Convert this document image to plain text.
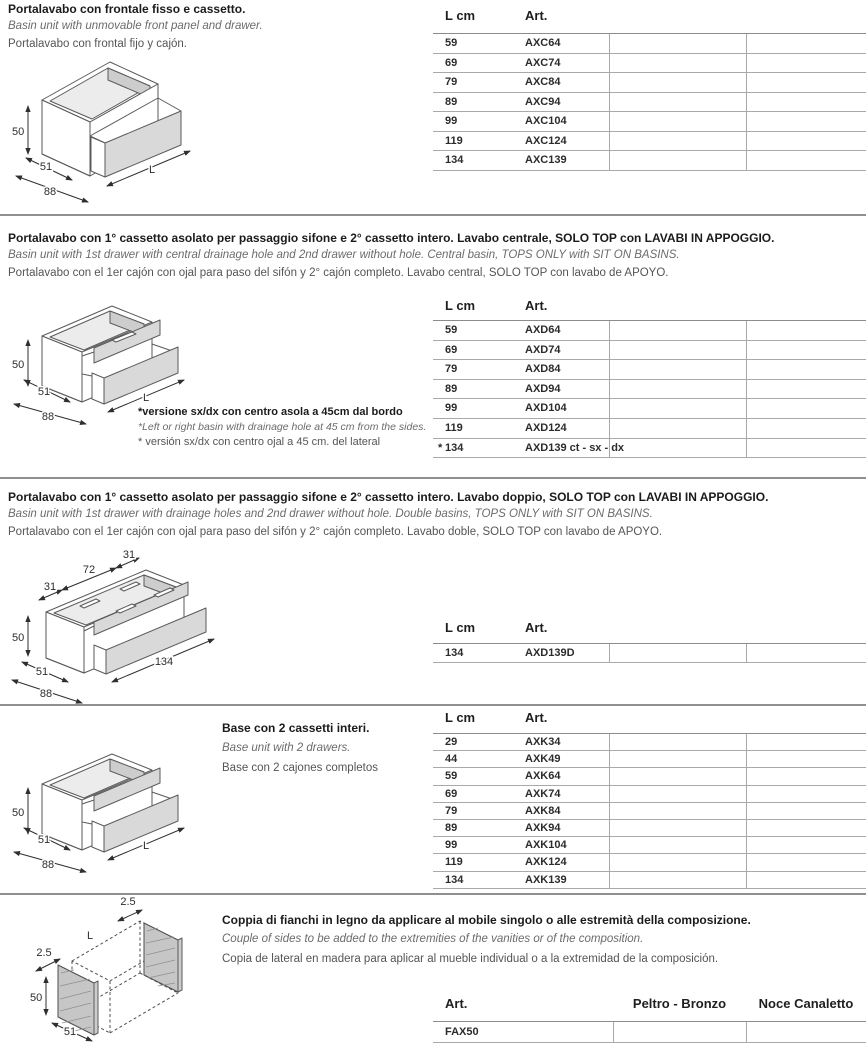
Portalavabo con frontale fisso e cassetto.
Basin unit with unmovable front panel and drawer.
Portalavabo con frontal fijo y cajón.
50
51
88
L
L cm	Art.
59	AXC64
69	AXC74
79	AXC84
89	AXC94
99	AXC104
119	AXC124
134	AXC139
Portalavabo con 1° cassetto asolato per passaggio sifone e 2° cassetto intero. Lavabo centrale, SOLO TOP con LAVABI IN APPOGGIO.
Basin unit with 1st drawer with central drainage hole and 2nd drawer without hole. Central basin, TOPS ONLY with SIT ON BASINS.
Portalavabo con el 1er cajón con ojal para paso del sifón y 2° cajón completo. Lavabo central, SOLO TOP con lavabo de APOYO.
50
51
88
L
*versione sx/dx con centro asola a 45cm dal bordo
*Left or right basin with drainage hole at 45 cm from the sides.
* versión sx/dx con centro ojal a 45 cm. del lateral
L cm	Art.
59	AXD64
69	AXD74
79	AXD84
89	AXD94
99	AXD104
119	AXD124
* 134	AXD139 ct - sx - dx
Portalavabo con 1° cassetto asolato per passaggio sifone e 2° cassetto intero. Lavabo doppio, SOLO TOP con LAVABI IN APPOGGIO.
Basin unit with 1st drawer with drainage holes and 2nd drawer without hole. Double basins, TOPS ONLY with SIT ON BASINS.
Portalavabo con el 1er cajón con ojal para paso del sifón y 2° cajón completo. Lavabo doble, SOLO TOP con lavabo de APOYO.
31
72
31
50
51
88
134
L cm	Art.
134	AXD139D
Base con 2 cassetti interi.
Base unit with 2 drawers.
Base con 2 cajones completos
50
51
88
L
L cm	Art.
29	AXK34
44	AXK49
59	AXK64
69	AXK74
79	AXK84
89	AXK94
99	AXK104
119	AXK124
134	AXK139
Coppia di fianchi in legno da applicare al mobile singolo o alle estremità della composizione.
Couple of sides to be added to the extremities of the vanities or of the composition.
Copia de lateral en madera para aplicar al mueble individual o a la extremidad de la composición.
2.5
L
2.5
50
51
Art.	Peltro - Bronzo	Noce Canaletto
FAX50
